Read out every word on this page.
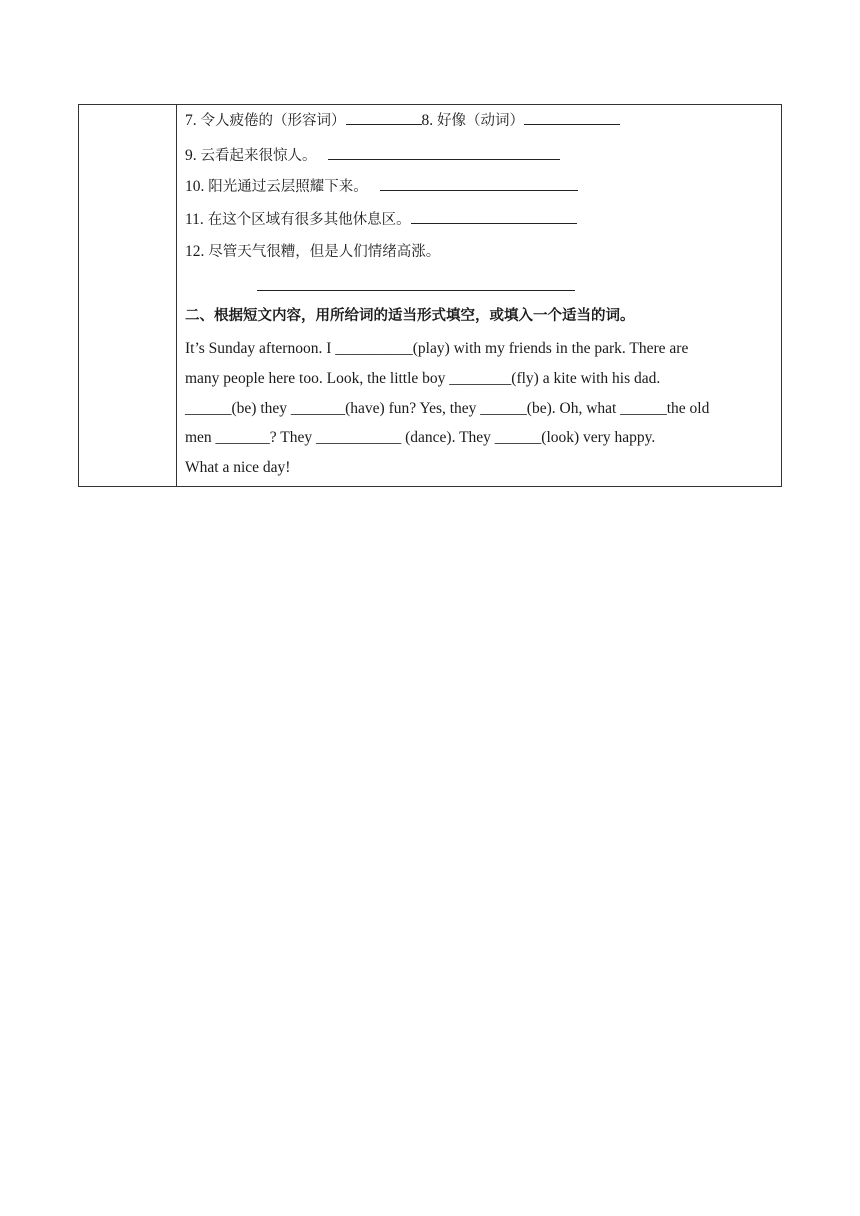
7. 令人疲倦的（形容词）	8. 好像（动词）
9. 云看起来很惊人。
10. 阳光通过云层照耀下来。
11. 在这个区域有很多其他休息区。
12. 尽管天气很糟，但是人们情绪高涨。
二、根据短文内容，用所给词的适当形式填空，或填入一个适当的词。
It’s Sunday afternoon. I __________(play) with my friends in the park. There are
many people here too. Look, the little boy ________(fly) a kite with his dad.
______(be) they _______(have) fun? Yes, they ______(be). Oh, what ______the old
men _______? They ___________ (dance). They ______(look) very happy.
What a nice day!
